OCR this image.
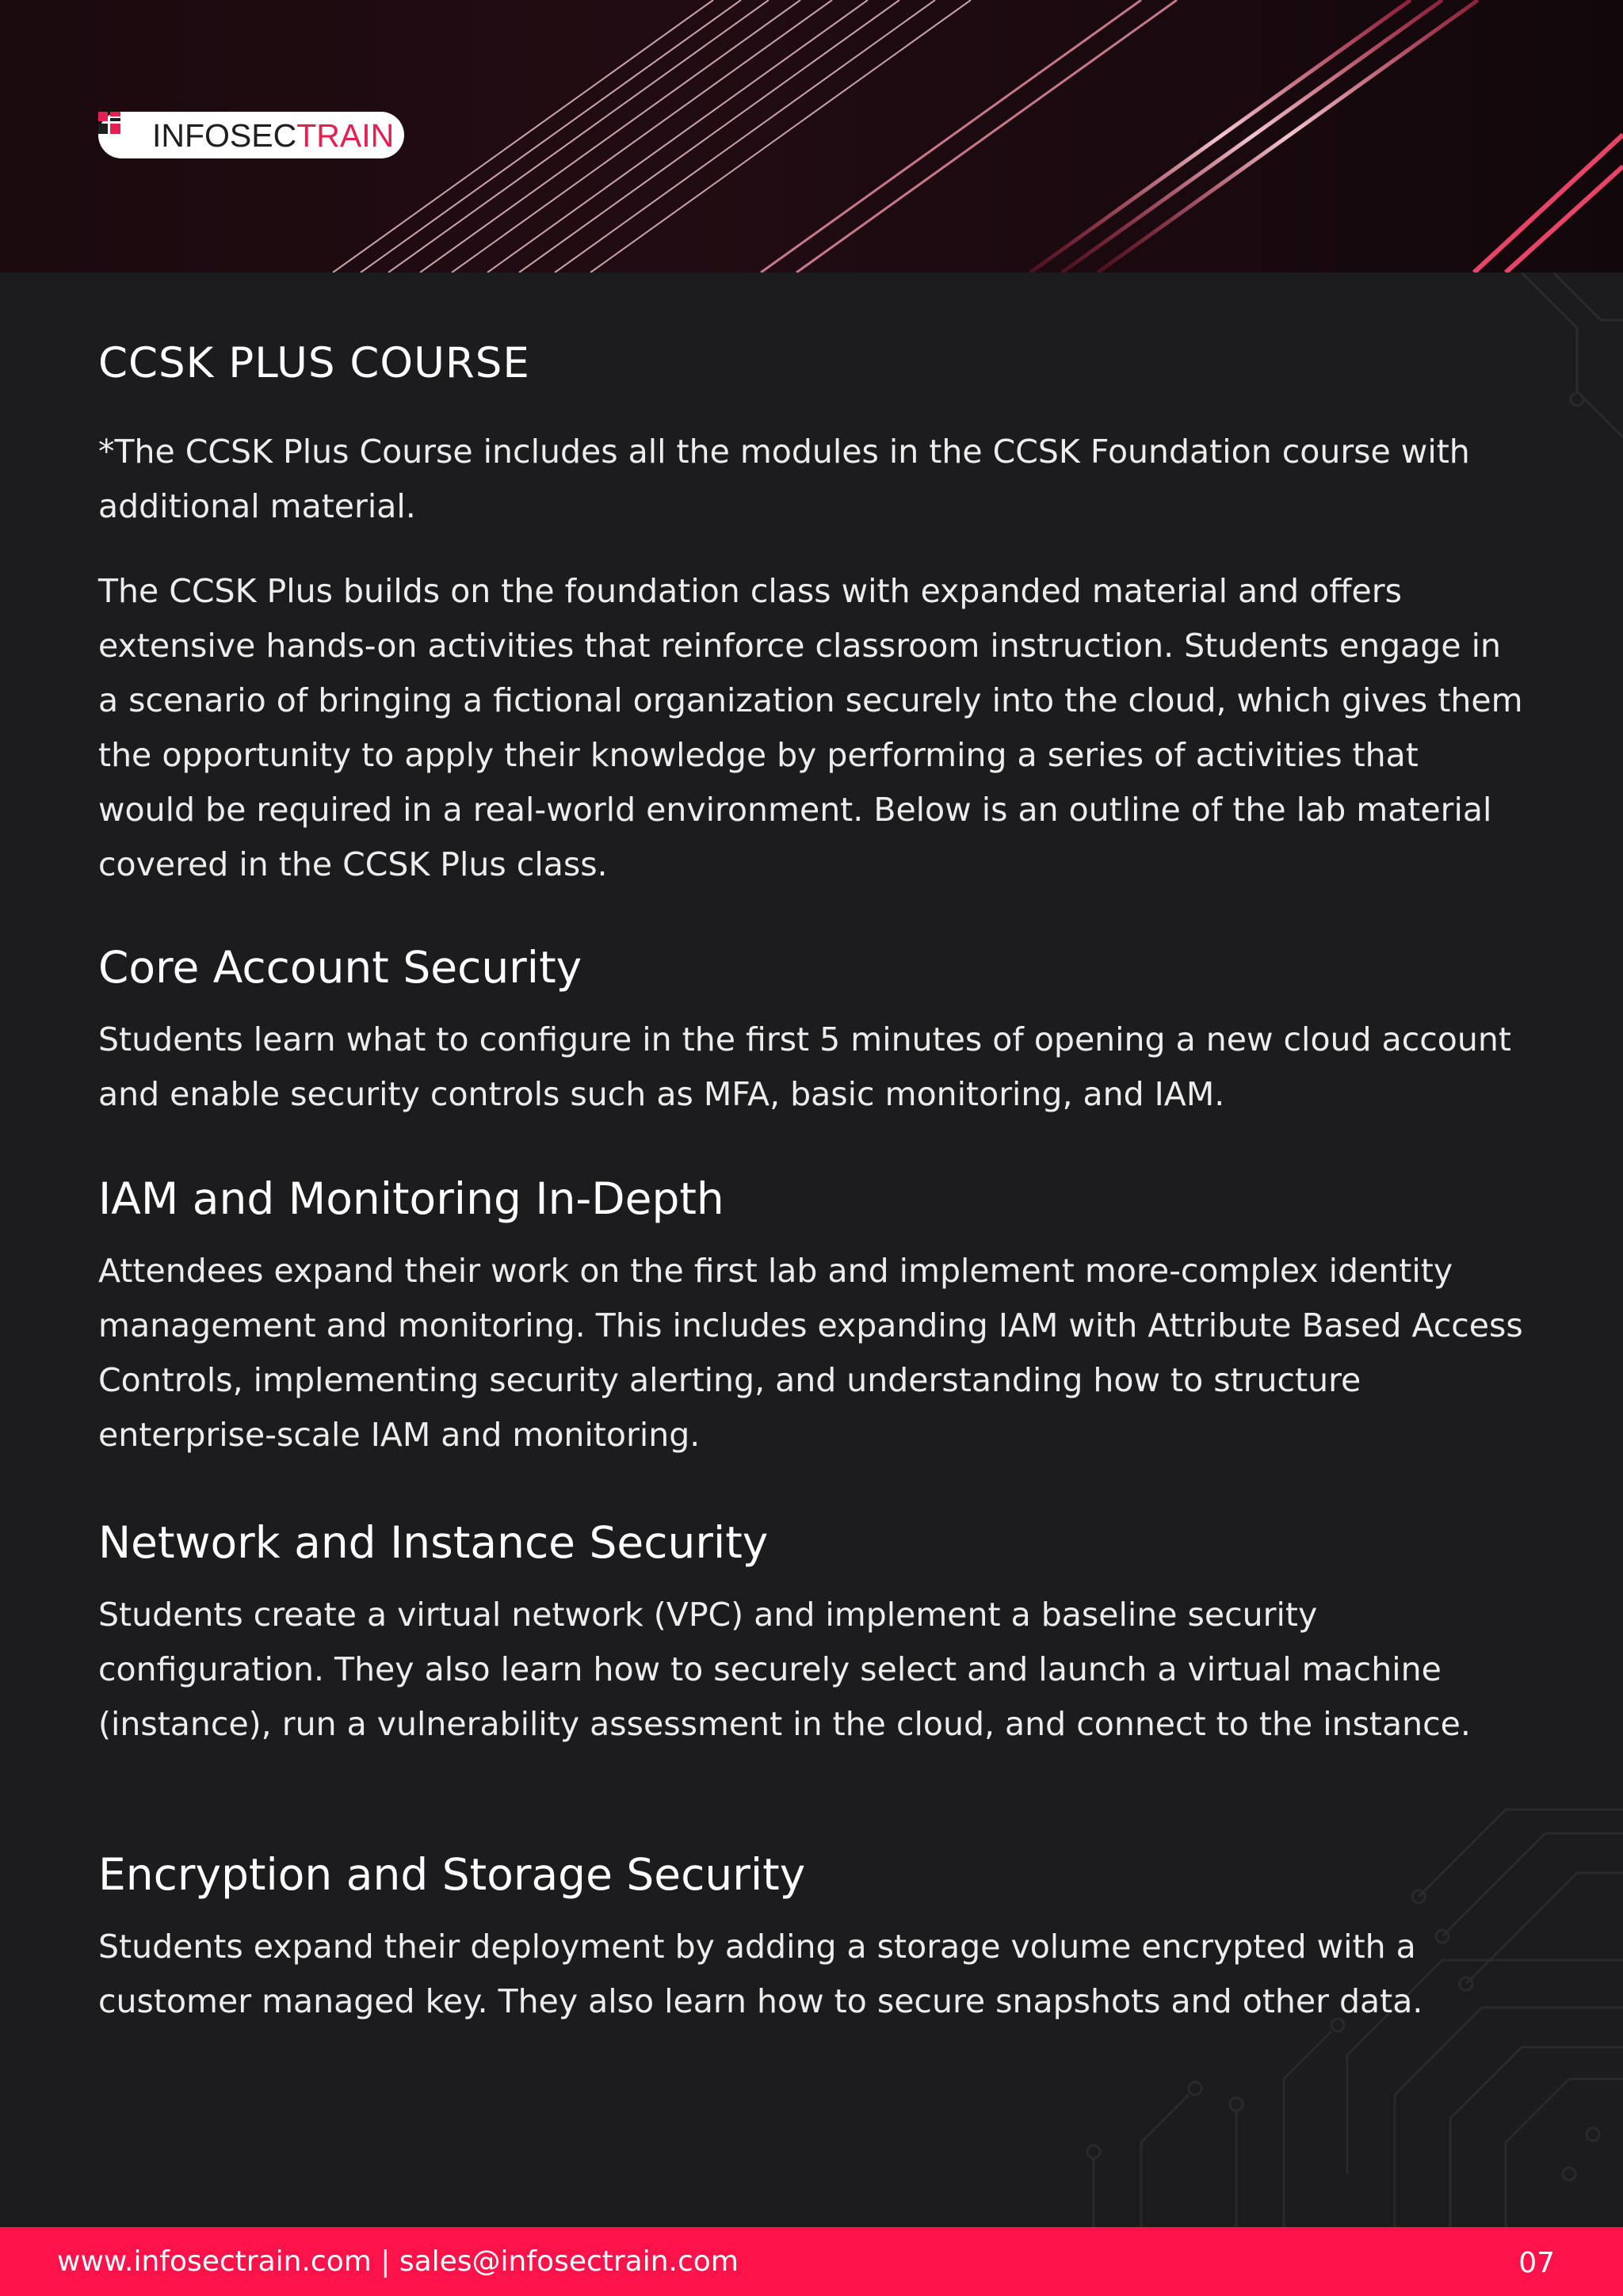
INFOSECTRAIN
CCSK PLUS COURSE

*The CCSK Plus Course includes all the modules in the CCSK Foundation course with additional material.

The CCSK Plus builds on the foundation class with expanded material and offers extensive hands-on activities that reinforce classroom instruction. Students engage in a scenario of bringing a fictional organization securely into the cloud, which gives them the opportunity to apply their knowledge by performing a series of activities that would be required in a real-world environment. Below is an outline of the lab material covered in the CCSK Plus class.

Core Account Security

Students learn what to configure in the first 5 minutes of opening a new cloud account and enable security controls such as MFA, basic monitoring, and IAM.

IAM and Monitoring In-Depth

Attendees expand their work on the first lab and implement more-complex identity management and monitoring. This includes expanding IAM with Attribute Based Access Controls, implementing security alerting, and understanding how to structure enterprise-scale IAM and monitoring.

Network and Instance Security

Students create a virtual network (VPC) and implement a baseline security configuration. They also learn how to securely select and launch a virtual machine (instance), run a vulnerability assessment in the cloud, and connect to the instance.

Encryption and Storage Security

Students expand their deployment by adding a storage volume encrypted with a customer managed key. They also learn how to secure snapshots and other data.

www.infosectrain.com | sales@infosectrain.com	07
